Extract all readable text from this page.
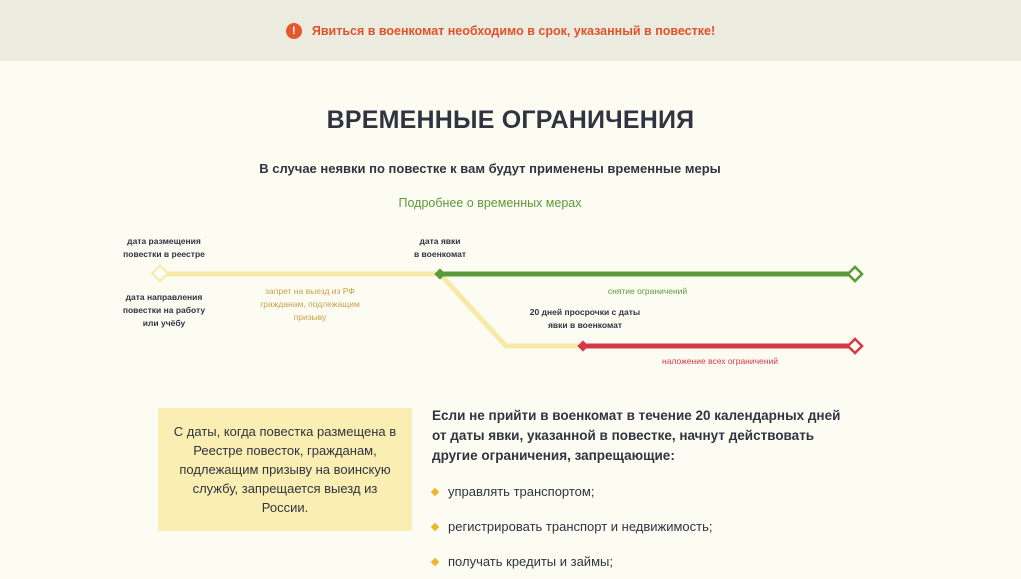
!	Явиться в военкомат необходимо в срок, указанный в повестке!
ВРЕМЕННЫЕ ОГРАНИЧЕНИЯ
В случае неявки по повестке к вам будут применены временные меры
Подробнее о временных мерах
дата размещения
повестки в реестре
дата направления
повестки на работу
или учёбу
дата явки
в военкомат
запрет на выезд из РФ
гражданам, подлежащим
призыву
снятие ограничений
20 дней просрочки с даты
явки в военкомат
наложение всех ограничений
С даты, когда повестка размещена в Реестре повесток, гражданам, подлежащим призыву на воинскую службу, запрещается выезд из России.

Если не прийти в военкомат в течение 20 календарных дней от даты явки, указанной в повестке, начнут действовать другие ограничения, запрещающие:

управлять транспортом;
регистрировать транспорт и недвижимость;
получать кредиты и займы;
